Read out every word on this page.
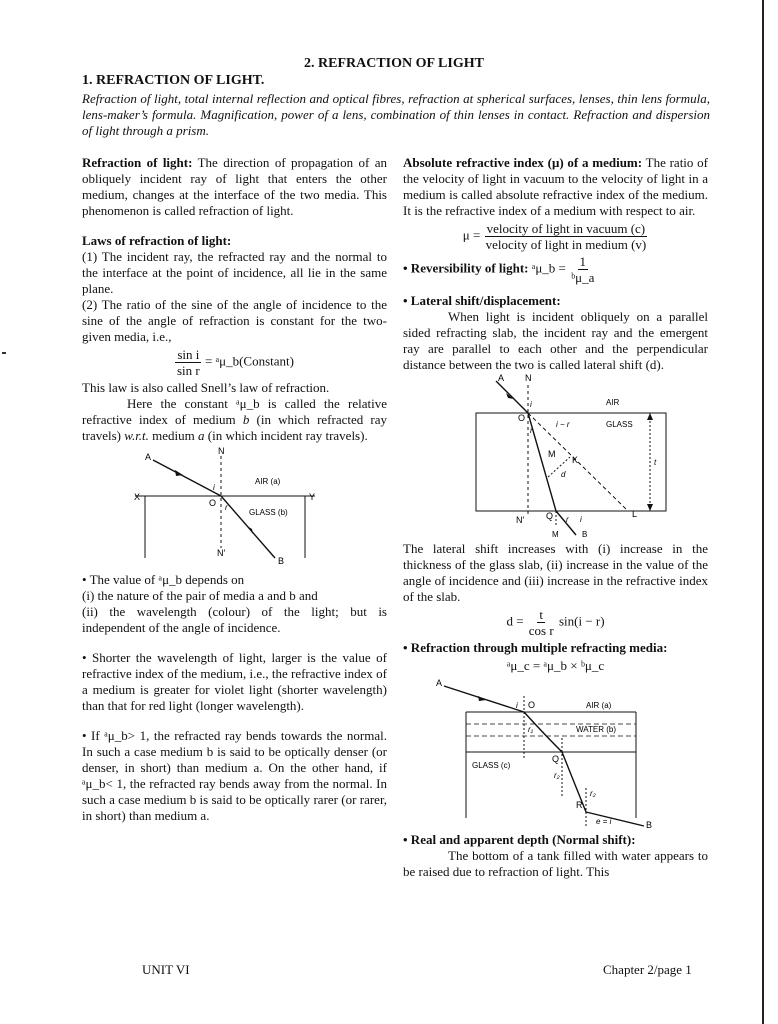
2. REFRACTION OF LIGHT
1. REFRACTION OF LIGHT.
Refraction of light, total internal reflection and optical fibres, refraction at spherical surfaces, lenses, thin lens formula, lens-maker’s formula. Magnification, power of a lens, combination of thin lenses in contact. Refraction and dispersion of light through a prism.

Refraction of light: The direction of propagation of an obliquely incident ray of light that enters the other medium, changes at the interface of the two media. This phenomenon is called refraction of light.

Laws of refraction of light:

(1) The incident ray, the refracted ray and the normal to the interface at the point of incidence, all lie in the same plane.

(2) The ratio of the sine of the angle of incidence to the sine of the angle of refraction is constant for the two-given media, i.e.,

$\frac{\text{sin i}}{\text{sin r}}$ = ᵃμ_b(Constant)

This law is also called Snell’s law of refraction.

Here the constant ᵃμ_b is called the relative refractive index of medium b (in which refracted ray travels) w.r.t. medium a (in which incident ray travels).

A
N
X	Y
O
B
N′
AIR (a)
GLASS (b)
i
r

• The value of ᵃμ_b depends on

(i) the nature of the pair of media a and b and

(ii) the wavelength (colour) of the light; but is independent of the angle of incidence.

• Shorter the wavelength of light, larger is the value of refractive index of the medium, i.e., the refractive index of a medium is greater for violet light (shorter wavelength) than that for red light (longer wavelength).

• If ᵃμ_b> 1, the refracted ray bends towards the normal. In such a case medium b is said to be optically denser (or denser, in short) than medium a. On the other hand, if ᵃμ_b< 1, the refracted ray bends away from the normal. In such a case medium b is said to be optically rarer (or rarer, in short) than medium a.

Absolute refractive index (μ) of a medium: The ratio of the velocity of light in vacuum to the velocity of light in a medium is called absolute refractive index of the medium. It is the refractive index of a medium with respect to air.

$\mu = \frac{\text{velocity of light in vacuum (c)}}{\text{velocity of light in medium (v)}}$
• Reversibility of light: ᵃμ_b = $\frac{1}{\text{ᵇμ\_a}}$

• Lateral shift/displacement:

When light is incident obliquely on a parallel sided refracting slab, the incident ray and the emergent ray are parallel to each other and the perpendicular distance between the two is called lateral shift (d).

A N
AIR
GLASS
i − r
O
i
r
M
K
d
t
N′ Q r i
L
M	B

The lateral shift increases with (i) increase in the thickness of the glass slab, (ii) increase in the value of the angle of incidence and (iii) increase in the refractive index of the slab.

$d = \frac{t}{\text{cos r}} \sin(i - r)$

• Refraction through multiple refracting media:

ᵃμ_c = ᵃμ_b × ᵇμ_c
A
O
i	AIR (a)
WATER (b)
r₁
GLASS (c)
Q
r₂
r₂
R
e = i	B

• Real and apparent depth (Normal shift):

The bottom of a tank filled with water appears to be raised due to refraction of light. This

UNIT VI	Chapter 2/page 1
